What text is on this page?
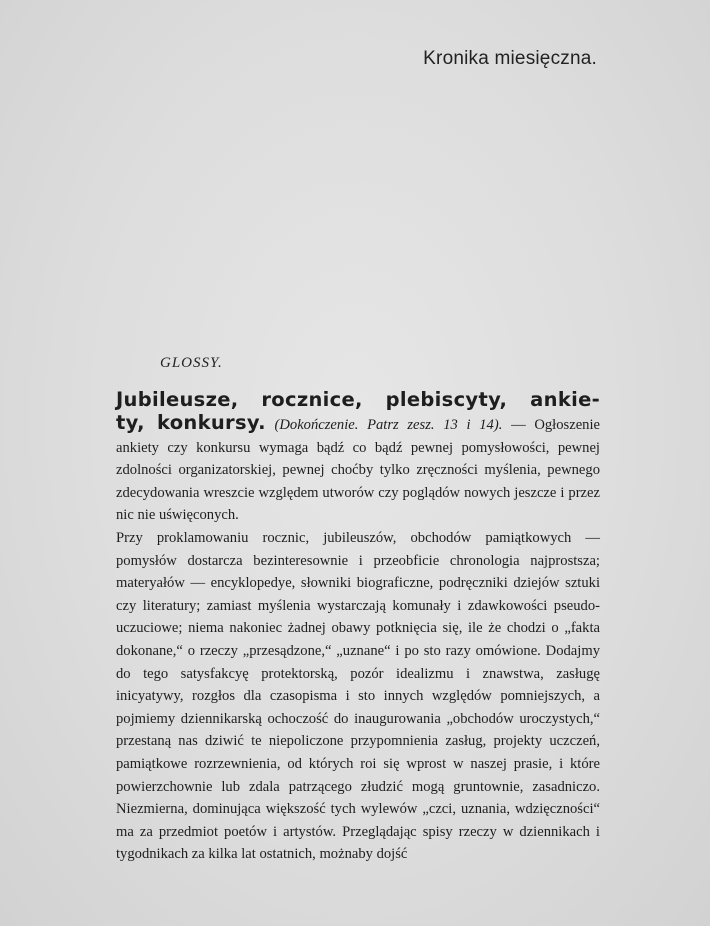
Kronika miesięczna.
GLOSSY.

Jubileusze, rocznice, plebiscyty, ankie-
ty, konkursy. (Dokończenie. Patrz zesz. 13 i 14). — Ogłoszenie ankiety czy konkursu wymaga bądź co bądź pewnej pomysłowości, pewnej zdolności organizatorskiej, pewnej choćby tylko zręczności myślenia, pewnego zdecydowania wreszcie względem utworów czy poglądów nowych jeszcze i przez nic nie uświęconych.

Przy proklamowaniu rocznic, jubileuszów, obchodów pamiątkowych — pomysłów dostarcza bezinteresownie i przeobficie chronologia najprostsza; materyałów — encyklopedye, słowniki biograficzne, podręczniki dziejów sztuki czy literatury; zamiast myślenia wystarczają komunały i zdawkowości pseudo-uczuciowe; niema nakoniec żadnej obawy potknięcia się, ile że chodzi o „fakta dokonane,“ o rzeczy „przesądzone,“ „uznane“ i po sto razy omówione. Dodajmy do tego satysfakcyę protektorską, pozór idealizmu i znawstwa, zasługę inicyatywy, rozgłos dla czasopisma i sto innych względów pomniejszych, a pojmiemy dziennikarską ochoczość do inaugurowania „obchodów uroczystych,“ przestaną nas dziwić te niepoliczone przypomnienia zasług, projekty uczczeń, pamiątkowe rozrzewnienia, od których roi się wprost w naszej prasie, i które powierzchownie lub zdala patrzącego złudzić mogą gruntownie, zasadniczo. Niezmierna, dominująca większość tych wylewów „czci, uznania, wdzięczności“ ma za przedmiot poetów i artystów. Przeglądając spisy rzeczy w dziennikach i tygodnikach za kilka lat ostatnich, możnaby dojść
